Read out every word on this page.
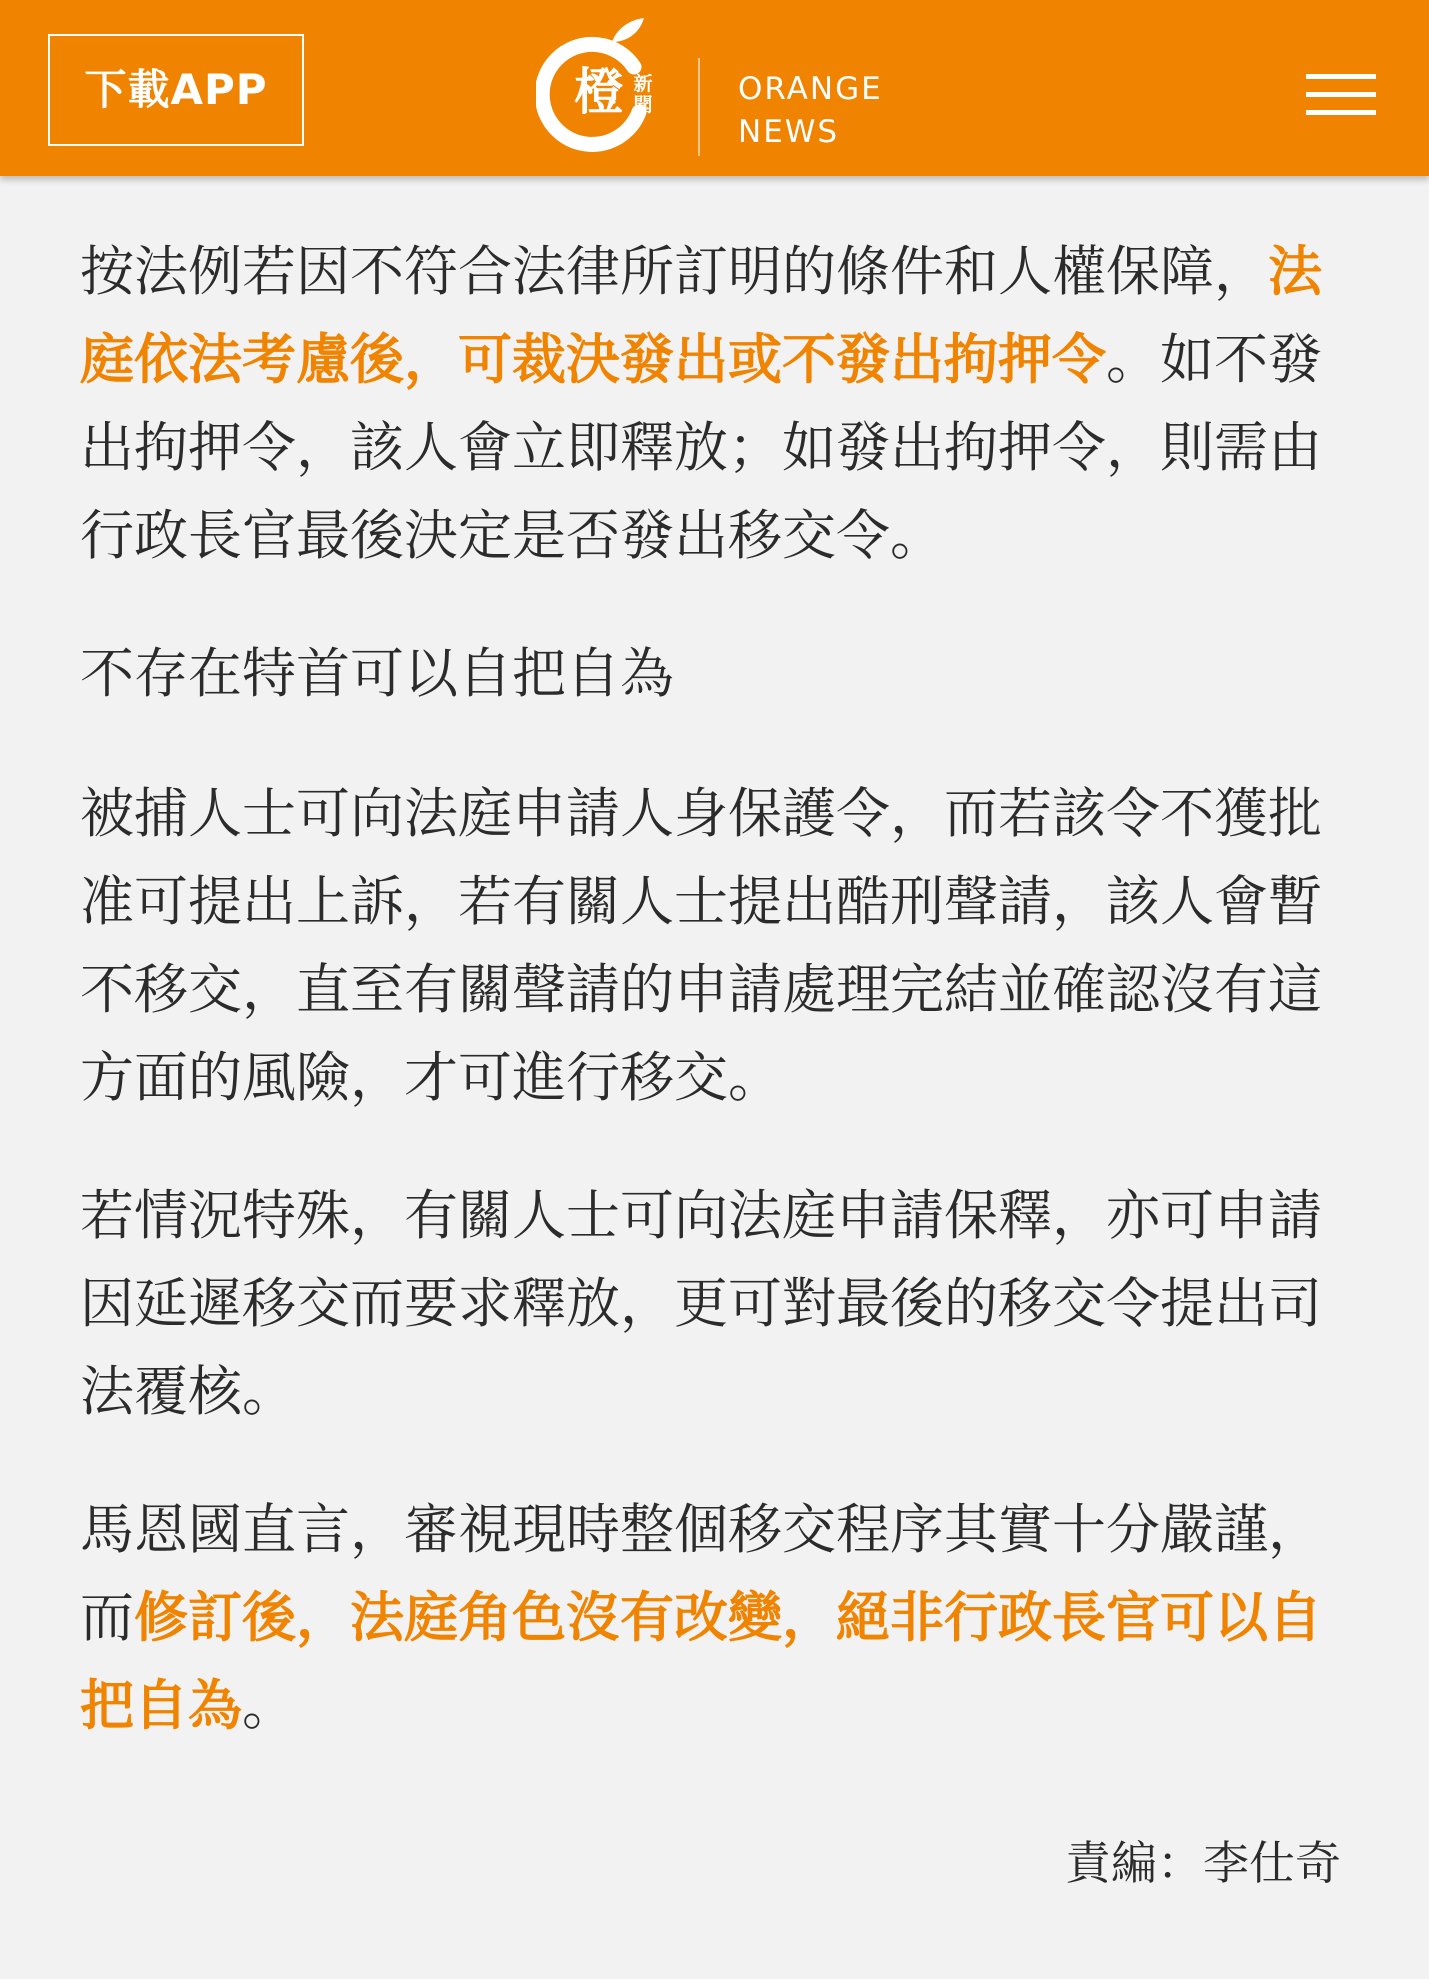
下載APP	橙 新聞	ORANGE
NEWS

按法例若因不符合法律所訂明的條件和人權保障，法庭依法考慮後，可裁決發出或不發出拘押令。如不發出拘押令，該人會立即釋放；如發出拘押令，則需由行政長官最後決定是否發出移交令。

不存在特首可以自把自為

被捕人士可向法庭申請人身保護令，而若該令不獲批准可提出上訴，若有關人士提出酷刑聲請，該人會暫不移交，直至有關聲請的申請處理完結並確認沒有這方面的風險，才可進行移交。

若情況特殊，有關人士可向法庭申請保釋，亦可申請因延遲移交而要求釋放，更可對最後的移交令提出司法覆核。

馬恩國直言，審視現時整個移交程序其實十分嚴謹，而修訂後，法庭角色沒有改變，絕非行政長官可以自把自為。

責編：李仕奇
